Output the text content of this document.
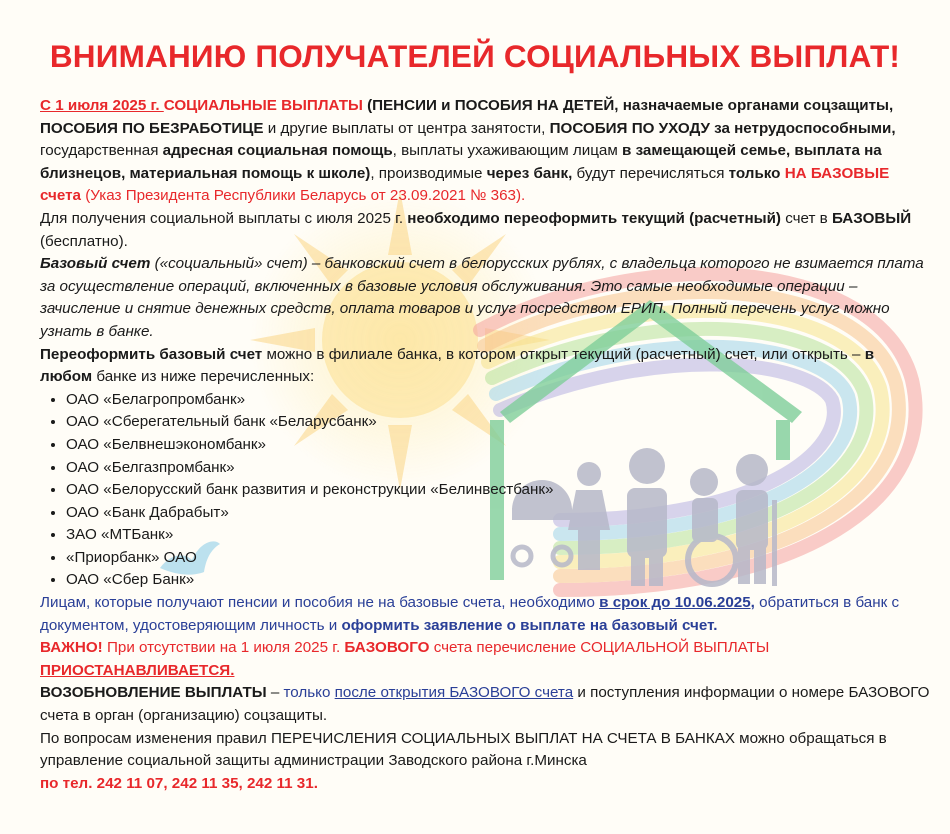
ВНИМАНИЮ ПОЛУЧАТЕЛЕЙ СОЦИАЛЬНЫХ ВЫПЛАТ!

С 1 июля 2025 г. СОЦИАЛЬНЫЕ ВЫПЛАТЫ (ПЕНСИИ и ПОСОБИЯ НА ДЕТЕЙ, назначаемые органами соцзащиты, ПОСОБИЯ ПО БЕЗРАБОТИЦЕ и другие выплаты от центра занятости, ПОСОБИЯ ПО УХОДУ за нетрудоспособными, государственная адресная социальная помощь, выплаты ухаживающим лицам в замещающей семье, выплата на близнецов, материальная помощь к школе), производимые через банк, будут перечисляться только НА БАЗОВЫЕ счета (Указ Президента Республики Беларусь от 23.09.2021 № 363).

Для получения социальной выплаты с июля 2025 г. необходимо переоформить текущий (расчетный) счет в БАЗОВЫЙ (бесплатно).

Базовый счет («социальный» счет) – банковский счет в белорусских рублях, с владельца которого не взимается плата за осуществление операций, включенных в базовые условия обслуживания. Это самые необходимые операции – зачисление и снятие денежных средств, оплата товаров и услуг посредством ЕРИП. Полный перечень услуг можно узнать в банке.

Переоформить базовый счет можно в филиале банка, в котором открыт текущий (расчетный) счет, или открыть – в любом банке из ниже перечисленных:

• ОАО «Белагропромбанк»
• ОАО «Сберегательный банк «Беларусбанк»
• ОАО «Белвнешэкономбанк»
• ОАО «Белгазпромбанк»
• ОАО «Белорусский банк развития и реконструкции «Белинвестбанк»
• ОАО «Банк Дабрабыт»
• ЗАО «МТБанк»
• «Приорбанк» ОАО
• ОАО «Сбер Банк»

Лицам, которые получают пенсии и пособия не на базовые счета, необходимо в срок до 10.06.2025, обратиться в банк с документом, удостоверяющим личность и оформить заявление о выплате на базовый счет.

ВАЖНО! При отсутствии на 1 июля 2025 г. БАЗОВОГО счета перечисление СОЦИАЛЬНОЙ ВЫПЛАТЫ ПРИОСТАНАВЛИВАЕТСЯ.

ВОЗОБНОВЛЕНИЕ ВЫПЛАТЫ – только после открытия БАЗОВОГО счета и поступления информации о номере БАЗОВОГО счета в орган (организацию) соцзащиты.

По вопросам изменения правил ПЕРЕЧИСЛЕНИЯ СОЦИАЛЬНЫХ ВЫПЛАТ НА СЧЕТА В БАНКАХ можно обращаться в управление социальной защиты администрации Заводского района г.Минска
по тел. 242 11 07, 242 11 35, 242 11 31.
